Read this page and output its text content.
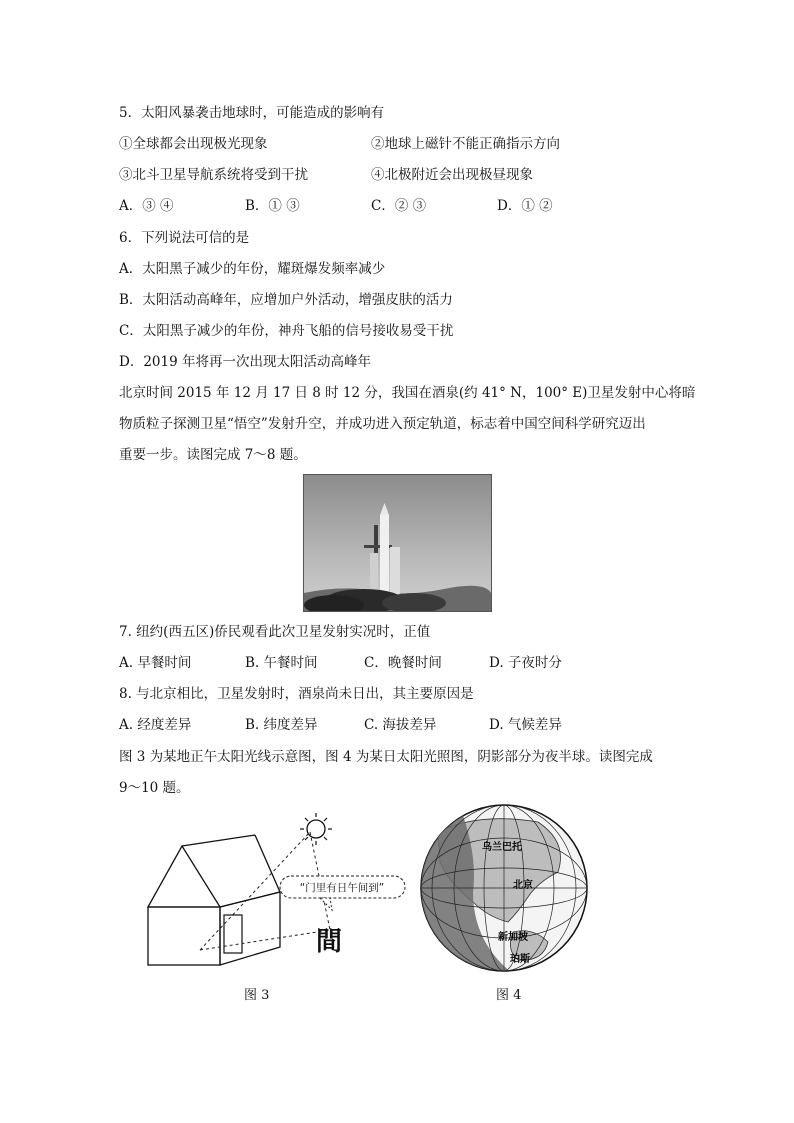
5．太阳风暴袭击地球时，可能造成的影响有
①全球都会出现极光现象	②地球上磁针不能正确指示方向
③北斗卫星导航系统将受到干扰	④北极附近会出现极昼现象
A．③ ④	B．① ③	C．② ③	D．① ②
6．下列说法可信的是
A．太阳黑子减少的年份，耀斑爆发频率减少
B．太阳活动高峰年，应增加户外活动，增强皮肤的活力
C．太阳黑子减少的年份，神舟飞船的信号接收易受干扰
D．2019 年将再一次出现太阳活动高峰年
北京时间 2015 年 12 月 17 日 8 时 12 分，我国在酒泉(约 41° N，100° E)卫星发射中心将暗
物质粒子探测卫星“悟空”发射升空，并成功进入预定轨道，标志着中国空间科学研究迈出
重要一步。读图完成 7～8 题。
7. 纽约(西五区)侨民观看此次卫星发射实况时，正值
A. 早餐时间	B. 午餐时间	C．晚餐时间	D. 子夜时分
8. 与北京相比，卫星发射时，酒泉尚未日出，其主要原因是
A. 经度差异	B. 纬度差异	C. 海拔差异	D. 气候差异
图 3 为某地正午太阳光线示意图，图 4 为某日太阳光照图，阴影部分为夜半球。读图完成
9～10 题。
“门里有日午间到”
間
图 3
乌兰巴托
北京
新加坡
珀斯
图 4
